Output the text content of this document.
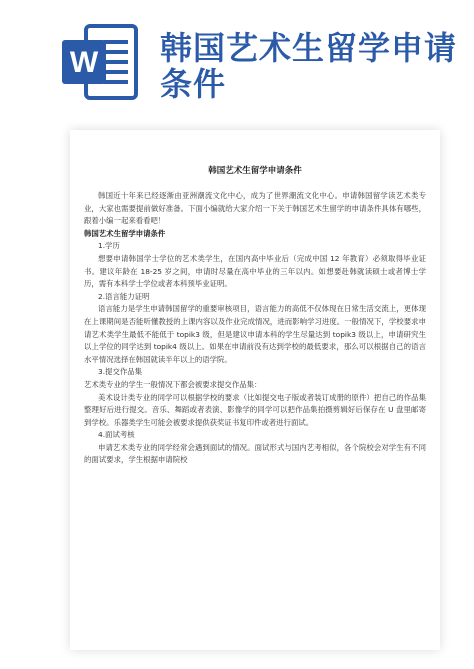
W 韩国艺术生留学申请条件
韩国艺术生留学申请条件

韩国近十年来已经逐渐由亚洲潮流文化中心，成为了世界潮流文化中心。申请韩国留学读艺术类专业，大家也需要提前做好准备。下面小编就给大家介绍一下关于韩国艺术生留学的申请条件具体有哪些，跟着小编一起来看看吧！

韩国艺术生留学申请条件

1.学历

想要申请韩国学士学位的艺术类学生，在国内高中毕业后（完成中国 12 年教育）必须取得毕业证书。建议年龄在 18-25 岁之间，申请时尽量在高中毕业的三年以内。如想要赴韩就读硕士或者博士学历，需有本科学士学位或者本科预毕业证明。

2.语言能力证明

语言能力是学生申请韩国留学的重要审核项目，语言能力的高低不仅体现在日常生活交流上，更体现在上课期间是否能听懂教授的上课内容以及作业完成情况，进而影响学习进度。一般情况下，学校要求申请艺术类学生最低不能低于 topik3 级，但是建议申请本科的学生尽量达到 topik3 级以上，申请研究生以上学位的同学达到 topik4 级以上。如果在申请前没有达到学校的最低要求，那么可以根据自己的语言水平情况选择在韩国就读半年以上的语学院。

3.提交作品集

艺术类专业的学生一般情况下都会被要求提交作品集：

美术设计类专业的同学可以根据学校的要求（比如提交电子版或者装订成册的原件）把自己的作品集整理好后进行提交。音乐、舞蹈或者表演、影像学的同学可以把作品集拍摄剪辑好后保存在 U 盘里邮寄到学校。乐器类学生可能会被要求提供获奖证书复印件或者进行面试。

4.面试考核

申请艺术类专业的同学经常会遇到面试的情况。面试形式与国内艺考相似，各个院校会对学生有不同的面试要求，学生根据申请院校
